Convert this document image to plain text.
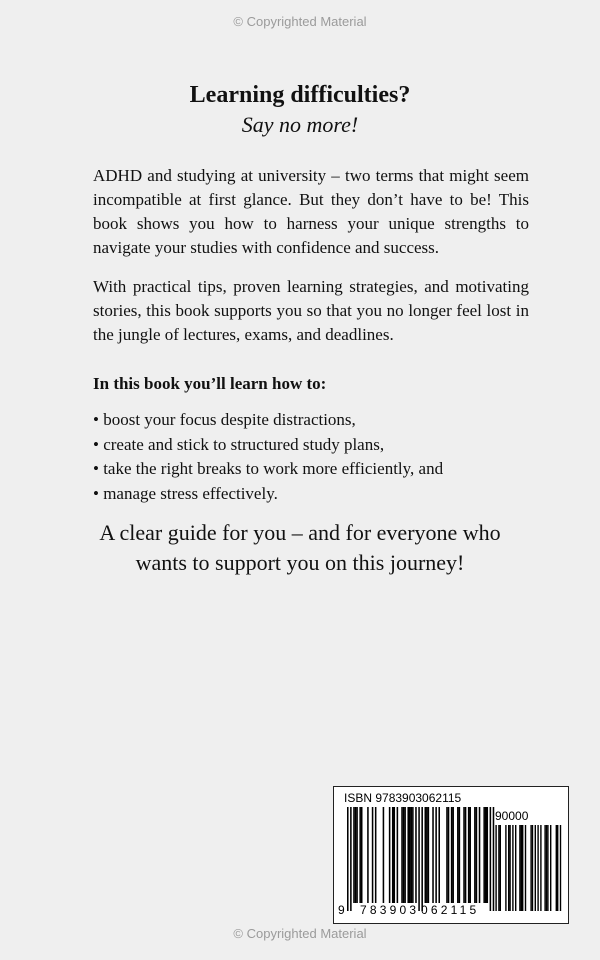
© Copyrighted Material
Learning difficulties?
Say no more!

ADHD and studying at university – two terms that might seem incompatible at first glance. But they don’t have to be! This book shows you how to harness your unique strengths to navigate your studies with confidence and success.

With practical tips, proven learning strategies, and motivating stories, this book supports you so that you no longer feel lost in the jungle of lectures, exams, and deadlines.

In this book you’ll learn how to:
• boost your focus despite distractions,
• create and stick to structured study plans,
• take the right breaks to work more efficiently, and
• manage stress effectively.
A clear guide for you – and for everyone who
wants to support you on this journey!
ISBN 9783903062115
90000
9 783903 062115
© Copyrighted Material
